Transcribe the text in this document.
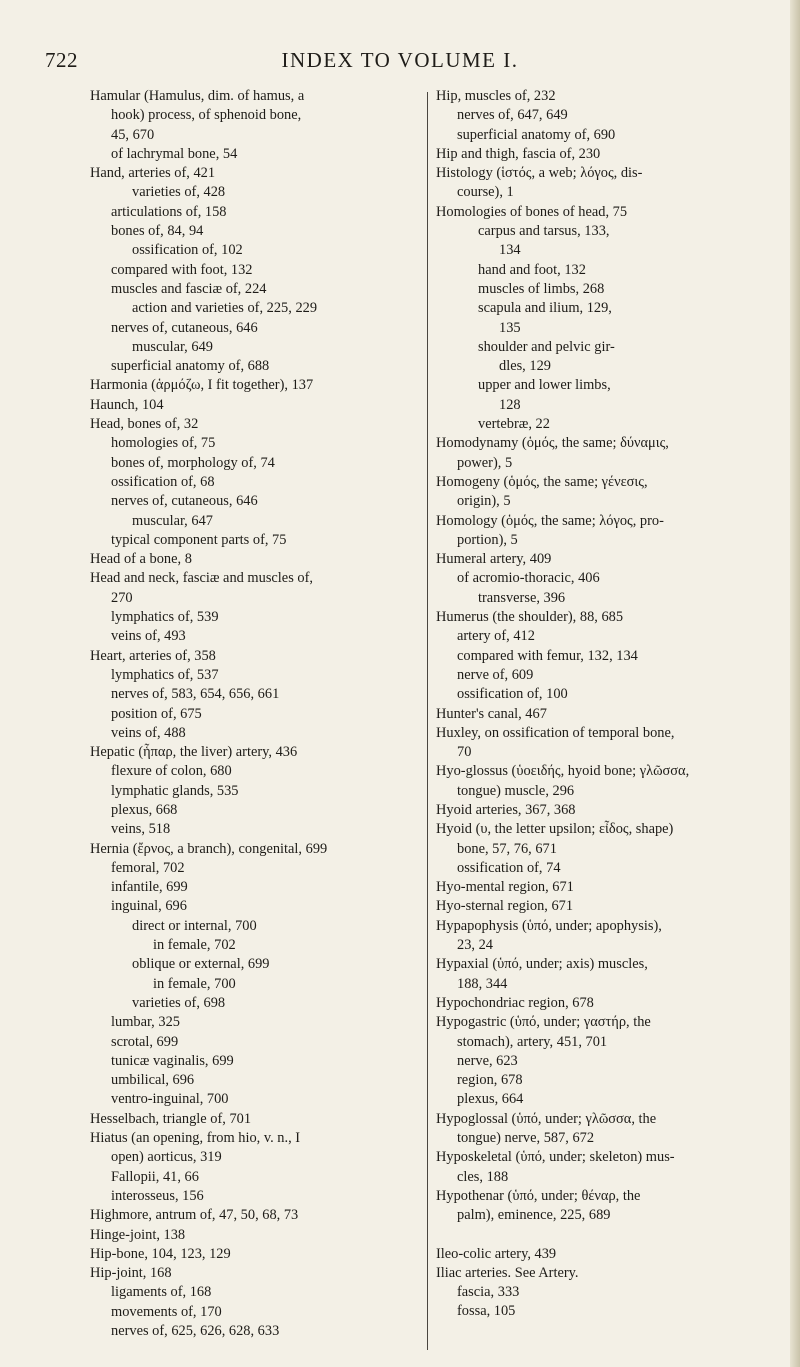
722	INDEX TO VOLUME I.

Hamular (Hamulus, dim. of hamus, a
hook) process, of sphenoid bone,
45, 670

of lachrymal bone, 54

Hand, arteries of, 421

varieties of, 428

articulations of, 158

bones of, 84, 94

ossification of, 102

compared with foot, 132

muscles and fasciæ of, 224

action and varieties of, 225, 229

nerves of, cutaneous, 646

muscular, 649

superficial anatomy of, 688

Harmonia (ἁρμόζω, I fit together), 137

Haunch, 104

Head, bones of, 32

homologies of, 75

bones of, morphology of, 74

ossification of, 68

nerves of, cutaneous, 646

muscular, 647

typical component parts of, 75

Head of a bone, 8

Head and neck, fasciæ and muscles of,
270

lymphatics of, 539

veins of, 493

Heart, arteries of, 358

lymphatics of, 537

nerves of, 583, 654, 656, 661

position of, 675

veins of, 488

Hepatic (ἧπαρ, the liver) artery, 436

flexure of colon, 680

lymphatic glands, 535

plexus, 668

veins, 518

Hernia (ἔρνος, a branch), congenital, 699

femoral, 702

infantile, 699

inguinal, 696

direct or internal, 700

in female, 702

oblique or external, 699

in female, 700

varieties of, 698

lumbar, 325

scrotal, 699

tunicæ vaginalis, 699

umbilical, 696

ventro-inguinal, 700

Hesselbach, triangle of, 701

Hiatus (an opening, from hio, v. n., I
open) aorticus, 319

Fallopii, 41, 66

interosseus, 156

Highmore, antrum of, 47, 50, 68, 73

Hinge-joint, 138

Hip-bone, 104, 123, 129

Hip-joint, 168

ligaments of, 168

movements of, 170

nerves of, 625, 626, 628, 633

Hip, muscles of, 232

nerves of, 647, 649

superficial anatomy of, 690

Hip and thigh, fascia of, 230

Histology (ἱστός, a web; λόγος, dis-
course), 1

Homologies of bones of head, 75

carpus and tarsus, 133,
134

hand and foot, 132

muscles of limbs, 268

scapula and ilium, 129,
135

shoulder and pelvic gir-
dles, 129

upper and lower limbs,
128

vertebræ, 22

Homodynamy (ὁμός, the same; δύναμις,
power), 5

Homogeny (ὁμός, the same; γένεσις,
origin), 5

Homology (ὁμός, the same; λόγος, pro-
portion), 5

Humeral artery, 409

of acromio-thoracic, 406

transverse, 396

Humerus (the shoulder), 88, 685

artery of, 412

compared with femur, 132, 134

nerve of, 609

ossification of, 100

Hunter's canal, 467

Huxley, on ossification of temporal bone,
70

Hyo-glossus (ὑοειδής, hyoid bone; γλῶσσα,
tongue) muscle, 296

Hyoid arteries, 367, 368

Hyoid (υ, the letter upsilon; εἶδος, shape)
bone, 57, 76, 671

ossification of, 74

Hyo-mental region, 671

Hyo-sternal region, 671

Hypapophysis (ὑπό, under; apophysis),
23, 24

Hypaxial (ὑπό, under; axis) muscles,
188, 344

Hypochondriac region, 678

Hypogastric (ὑπό, under; γαστήρ, the
stomach), artery, 451, 701

nerve, 623

region, 678

plexus, 664

Hypoglossal (ὑπό, under; γλῶσσα, the
tongue) nerve, 587, 672

Hyposkeletal (ὑπό, under; skeleton) mus-
cles, 188

Hypothenar (ὑπό, under; θέναρ, the
palm), eminence, 225, 689

Ileo-colic artery, 439

Iliac arteries. See Artery.

fascia, 333

fossa, 105
